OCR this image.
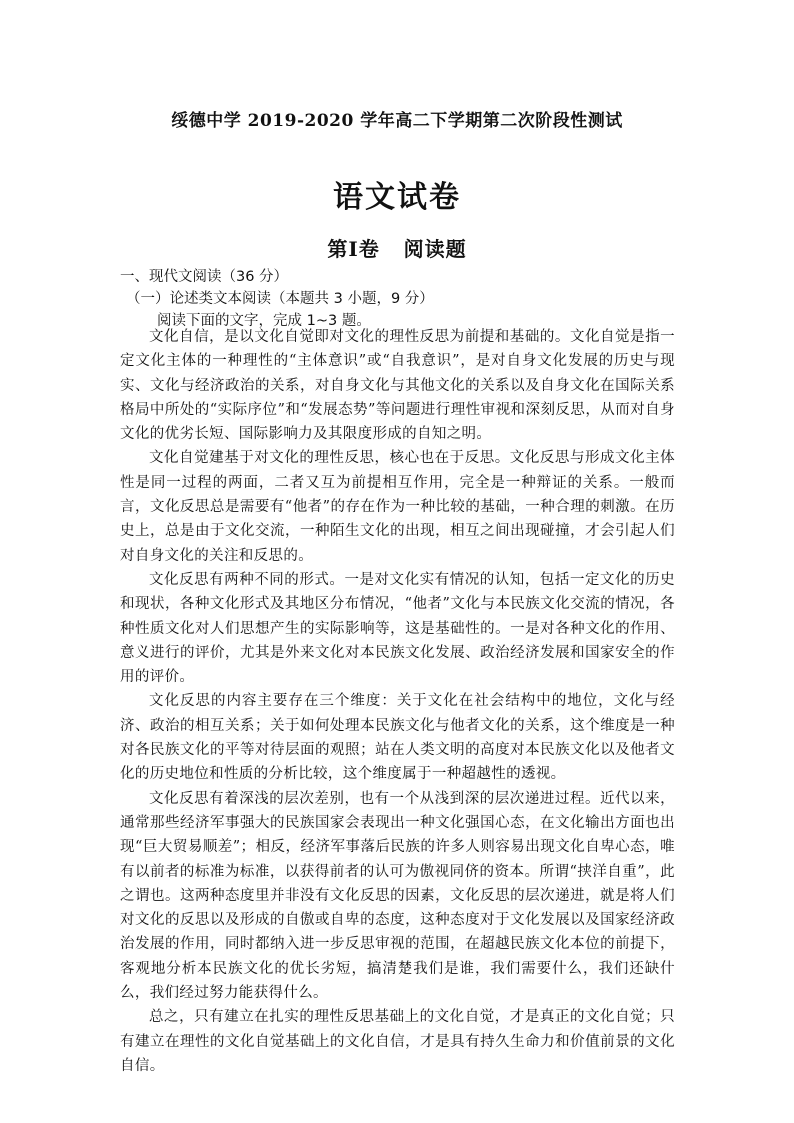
绥德中学 2019-2020 学年高二下学期第二次阶段性测试
语文试卷
第Ⅰ卷   阅读题
一、现代文阅读（36 分）
（一）论述类文本阅读（本题共 3 小题，9 分）
阅读下面的文字，完成 1~3 题。

文化自信，是以文化自觉即对文化的理性反思为前提和基础的。文化自觉是指一定文化主体的一种理性的“主体意识”或“自我意识”，是对自身文化发展的历史与现实、文化与经济政治的关系，对自身文化与其他文化的关系以及自身文化在国际关系格局中所处的“实际序位”和“发展态势”等问题进行理性审视和深刻反思，从而对自身文化的优劣长短、国际影响力及其限度形成的自知之明。

文化自觉建基于对文化的理性反思，核心也在于反思。文化反思与形成文化主体性是同一过程的两面，二者又互为前提相互作用，完全是一种辩证的关系。一般而言，文化反思总是需要有“他者”的存在作为一种比较的基础，一种合理的刺激。在历史上，总是由于文化交流，一种陌生文化的出现，相互之间出现碰撞，才会引起人们对自身文化的关注和反思的。

文化反思有两种不同的形式。一是对文化实有情况的认知，包括一定文化的历史和现状，各种文化形式及其地区分布情况，“他者”文化与本民族文化交流的情况，各种性质文化对人们思想产生的实际影响等，这是基础性的。一是对各种文化的作用、意义进行的评价，尤其是外来文化对本民族文化发展、政治经济发展和国家安全的作用的评价。

文化反思的内容主要存在三个维度：关于文化在社会结构中的地位，文化与经济、政治的相互关系；关于如何处理本民族文化与他者文化的关系，这个维度是一种对各民族文化的平等对待层面的观照；站在人类文明的高度对本民族文化以及他者文化的历史地位和性质的分析比较，这个维度属于一种超越性的透视。

文化反思有着深浅的层次差别，也有一个从浅到深的层次递进过程。近代以来，通常那些经济军事强大的民族国家会表现出一种文化强国心态，在文化输出方面也出现“巨大贸易顺差”；相反，经济军事落后民族的许多人则容易出现文化自卑心态，唯有以前者的标准为标准，以获得前者的认可为傲视同侪的资本。所谓“挟洋自重”，此之谓也。这两种态度里并非没有文化反思的因素，文化反思的层次递进，就是将人们对文化的反思以及形成的自傲或自卑的态度，这种态度对于文化发展以及国家经济政治发展的作用，同时都纳入进一步反思审视的范围，在超越民族文化本位的前提下，客观地分析本民族文化的优长劣短，搞清楚我们是谁，我们需要什么，我们还缺什么，我们经过努力能获得什么。

总之，只有建立在扎实的理性反思基础上的文化自觉，才是真正的文化自觉；只有建立在理性的文化自觉基础上的文化自信，才是具有持久生命力和价值前景的文化自信。
